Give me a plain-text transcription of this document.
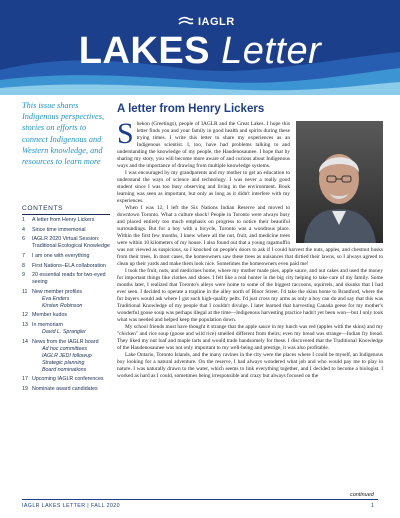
IAGLR
LAKES Letter
This issue shares Indigenous perspectives, stories on efforts to connect Indigenous and Western knowledge, and resources to learn more
CONTENTS
1	A letter from Henry Lickers
4	Since time immemorial
6	IAGLR 2020 Virtual Session: Traditional Ecological Knowledge
7	I am one with everything
8	First Nations–ELA collaboration
9	20 essential reads for two-eyed seeing
11 New member profiles
Eva Enders
Kirsten Robinson
12 Member kudos
13 In memoriam
David L. Sprangler
14 News from the IAGLR board
Ad hoc committees
IAGLR JEDI followup
Strategic planning
Board nominations
17 Upcoming IAGLR conferences
19 Nominate award candidates
A letter from Henry Lickers
S hekon (Greetings), people of IAGLR and the Great Lakes. I hope this letter finds you and your family in good health and spirits during these trying times. I write this letter to share my experiences as an Indigenous scientist. I, too, have had problems talking to and understanding the knowledge of my people, the Haudenosaunee. I hope that by sharing my story, you will become more aware of and curious about Indigenous ways and the importance of drawing from multiple knowledge systems.

I was encouraged by my grandparents and my mother to get an education to understand the ways of science and technology. I was never a really good student since I was too busy observing and living in the environment. Book learning was seen as important, but only as long as it didn't interfere with my experiences.

When I was 12, I left the Six Nations Indian Reserve and moved to downtown Toronto. What a culture shock! People in Toronto were always busy and placed entirely too much emphasis on progress to notice their beautiful surroundings. But for a boy with a bicycle, Toronto was a wondrous place. Within the first few months, I knew where all the nut, fruit, and medicine trees were within 10 kilometers of my house. I also found out that a young ragamuffin was not viewed as suspicious, so I knocked on people's doors to ask if I could harvest the nuts, apples, and chestnut husks from their trees. In most cases, the homeowners saw these trees as nuisances that dirtied their lawns, so I always agreed to clean up their yards and make them look nice. Sometimes the homeowners even paid me!

I took the fruit, nuts, and medicines home, where my mother made pies, apple sauce, and nut cakes and used the money for important things like clothes and shoes. I felt like a real hunter in the big city helping to take care of my family. Some months later, I realized that Toronto's alleys were home to some of the biggest raccoons, squirrels, and skunks that I had ever seen. I decided to operate a trapline in the alley north of Bloor Street. I'd take the skins home to Brantford, where the fur buyers would ask where I got such high-quality pelts. I'd just cross my arms as only a boy can do and say that this was Traditional Knowledge of my people that I couldn't divulge. I later learned that harvesting Canada geese for my mother's wonderful goose soup was perhaps illegal at the time—Indigenous harvesting practice hadn't yet been won—but I only took what was needed and helped keep the population down.

My school friends must have thought it strange that the apple sauce in my lunch was red (apples with the skins) and my "chicken" and rice soup (goose and wild rice) smelled different from theirs; even my bread was strange—Indian fry bread. They liked my nut loaf and maple tarts and would trade handsomely for these. I discovered that the Traditional Knowledge of the Haudenosaunee was not only important to my well-being and prestige, it was also profitable.

Lake Ontario, Toronto Islands, and the many ravines in the city were the places where I could be myself, an Indigenous boy looking for a natural adventure. On the reserve, I had always wondered what job and who would pay me to play in nature. I was naturally drawn to the water, which seems to link everything together, and I decided to become a biologist. I worked as hard as I could, sometimes being irresponsible and crazy but always focused on the

continued
IAGLR LAKES LETTER | FALL 2020	1
